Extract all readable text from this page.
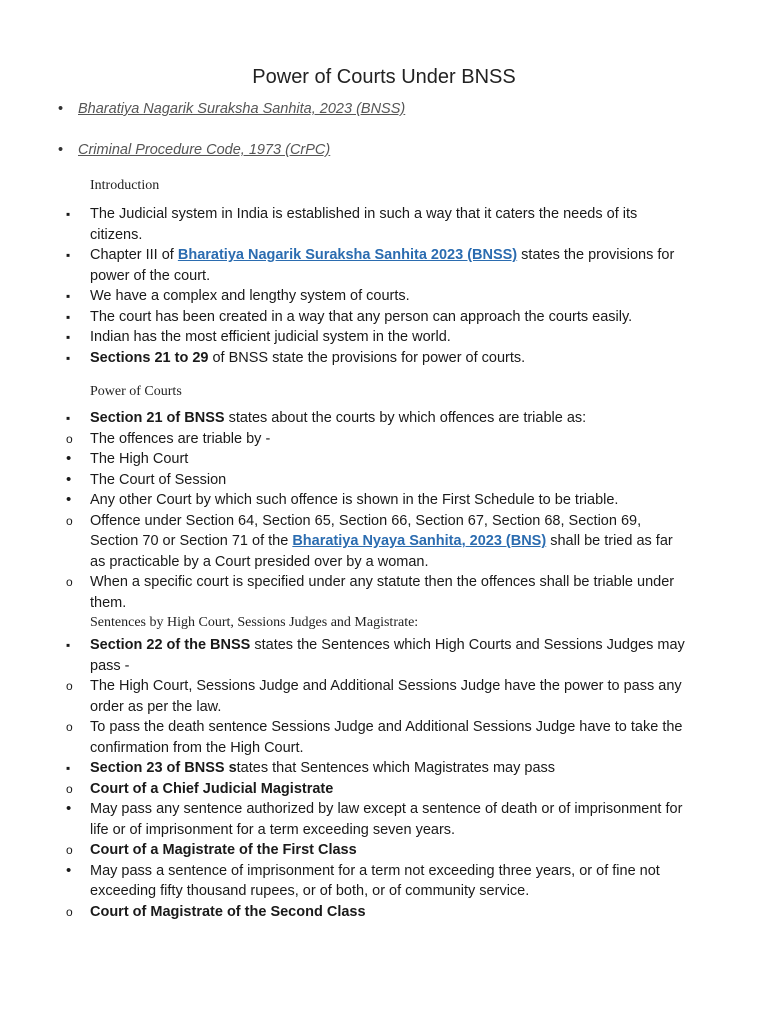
Power of Courts Under BNSS
• Bharatiya Nagarik Suraksha Sanhita, 2023 (BNSS)
• Criminal Procedure Code, 1973 (CrPC)
Introduction
▪
The Judicial system in India is established in such a way that it caters the needs of its citizens.
▪
Chapter III of Bharatiya Nagarik Suraksha Sanhita 2023 (BNSS) states the provisions for power of the court.
▪
We have a complex and lengthy system of courts.
▪
The court has been created in a way that any person can approach the courts easily.
▪
Indian has the most efficient judicial system in the world.
▪
Sections 21 to 29 of BNSS state the provisions for power of courts.
Power of Courts
▪
Section 21 of BNSS states about the courts by which offences are triable as:
o
The offences are triable by -
•
The High Court
•
The Court of Session
•
Any other Court by which such offence is shown in the First Schedule to be triable.
o
Offence under Section 64, Section 65, Section 66, Section 67, Section 68, Section 69, Section 70 or Section 71 of the Bharatiya Nyaya Sanhita, 2023 (BNS) shall be tried as far as practicable by a Court presided over by a woman.
o
When a specific court is specified under any statute then the offences shall be triable under them.
Sentences by High Court, Sessions Judges and Magistrate:
▪
Section 22 of the BNSS states the Sentences which High Courts and Sessions Judges may pass -
o
The High Court, Sessions Judge and Additional Sessions Judge have the power to pass any order as per the law.
o
To pass the death sentence Sessions Judge and Additional Sessions Judge have to take the confirmation from the High Court.
▪
Section 23 of BNSS states that Sentences which Magistrates may pass
o
Court of a Chief Judicial Magistrate
•
May pass any sentence authorized by law except a sentence of death or of imprisonment for life or of imprisonment for a term exceeding seven years.
o
Court of a Magistrate of the First Class
•
May pass a sentence of imprisonment for a term not exceeding three years, or of fine not exceeding fifty thousand rupees, or of both, or of community service.
o
Court of Magistrate of the Second Class
